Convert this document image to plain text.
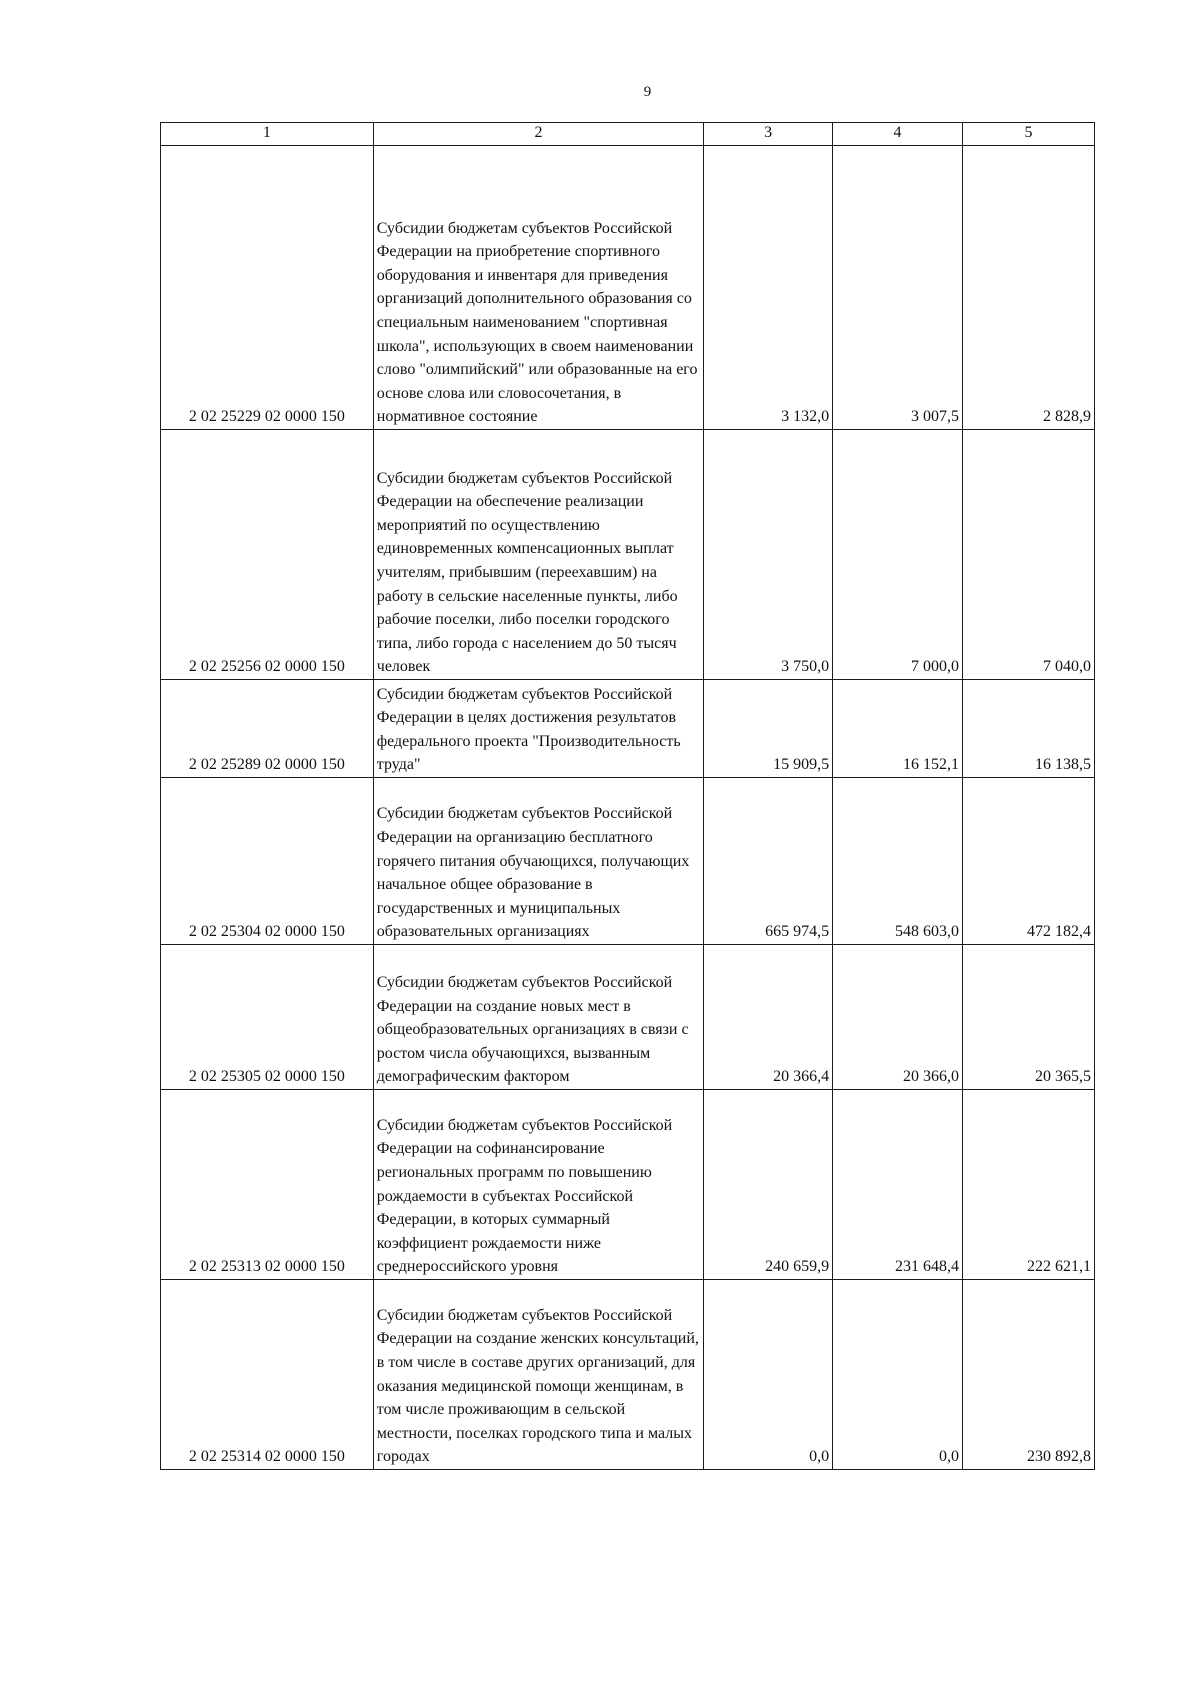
9
1	2	3	4	5
2 02 25229 02 0000 150	Субсидии бюджетам субъектов Российской Федерации на приобретение спортивного оборудования и инвентаря для приведения организаций дополнительного образования со специальным наименованием "спортивная школа", использующих в своем наименовании слово "олимпийский" или образованные на его основе слова или словосочетания, в нормативное состояние	3 132,0	3 007,5	2 828,9
2 02 25256 02 0000 150	Субсидии бюджетам субъектов Российской Федерации на обеспечение реализации мероприятий по осуществлению единовременных компенсационных выплат учителям, прибывшим (переехавшим) на работу в сельские населенные пункты, либо рабочие поселки, либо поселки городского типа, либо города с населением до 50 тысяч человек	3 750,0	7 000,0	7 040,0
2 02 25289 02 0000 150	Субсидии бюджетам субъектов Российской Федерации в целях достижения результатов федерального проекта "Производительность труда"	15 909,5	16 152,1	16 138,5
2 02 25304 02 0000 150	Субсидии бюджетам субъектов Российской Федерации на организацию бесплатного горячего питания обучающихся, получающих начальное общее образование в государственных и муниципальных образовательных организациях	665 974,5	548 603,0	472 182,4
2 02 25305 02 0000 150	Субсидии бюджетам субъектов Российской Федерации на создание новых мест в общеобразовательных организациях в связи с ростом числа обучающихся, вызванным демографическим фактором	20 366,4	20 366,0	20 365,5
2 02 25313 02 0000 150	Субсидии бюджетам субъектов Российской Федерации на софинансирование региональных программ по повышению рождаемости в субъектах Российской Федерации, в которых суммарный коэффициент рождаемости ниже среднероссийского уровня	240 659,9	231 648,4	222 621,1
2 02 25314 02 0000 150	Субсидии бюджетам субъектов Российской Федерации на создание женских консультаций, в том числе в составе других организаций, для оказания медицинской помощи женщинам, в том числе проживающим в сельской местности, поселках городского типа и малых городах	0,0	0,0	230 892,8
